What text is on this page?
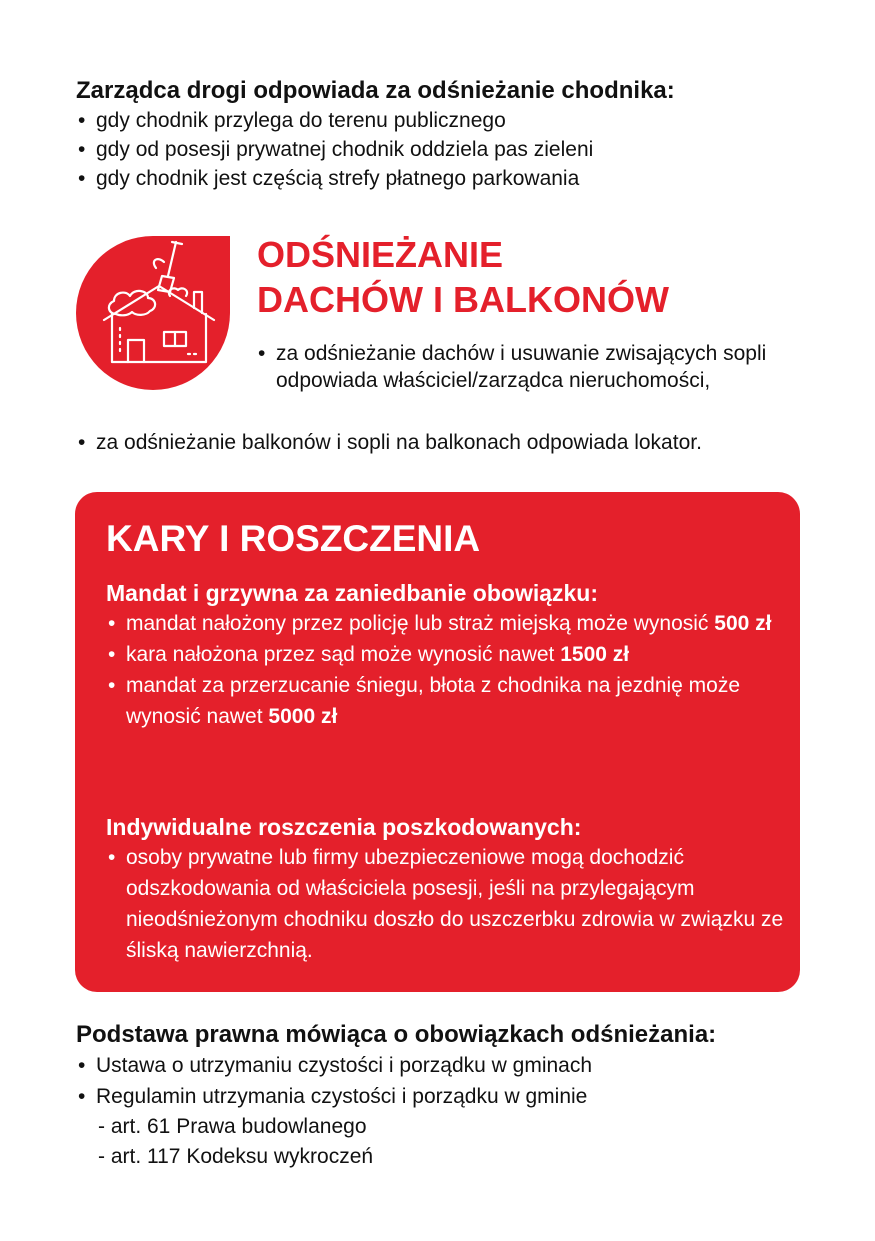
Zarządca drogi odpowiada za odśnieżanie chodnika:

• gdy chodnik przylega do terenu publicznego
• gdy od posesji prywatnej chodnik oddziela pas zieleni
• gdy chodnik jest częścią strefy płatnego parkowania
ODŚNIEŻANIE
DACHÓW I BALKONÓW
• za odśnieżanie dachów i usuwanie zwisających sopli odpowiada właściciel/zarządca nieruchomości,
• za odśnieżanie balkonów i sopli na balkonach odpowiada lokator.
KARY I ROSZCZENIA

Mandat i grzywna za zaniedbanie obowiązku:

• mandat nałożony przez policję lub straż miejską może wynosić 500 zł
• kara nałożona przez sąd może wynosić nawet 1500 zł
• mandat za przerzucanie śniegu, błota z chodnika na jezdnię może wynosić nawet 5000 zł

Indywidualne roszczenia poszkodowanych:

• osoby prywatne lub firmy ubezpieczeniowe mogą dochodzić odszkodowania od właściciela posesji, jeśli na przylegającym nieodśnieżonym chodniku doszło do uszczerbku zdrowia w związku ze śliską nawierzchnią.

Podstawa prawna mówiąca o obowiązkach odśnieżania:

• Ustawa o utrzymaniu czystości i porządku w gminach
• Regulamin utrzymania czystości i porządku w gminie
- art. 61 Prawa budowlanego
- art. 117 Kodeksu wykroczeń
